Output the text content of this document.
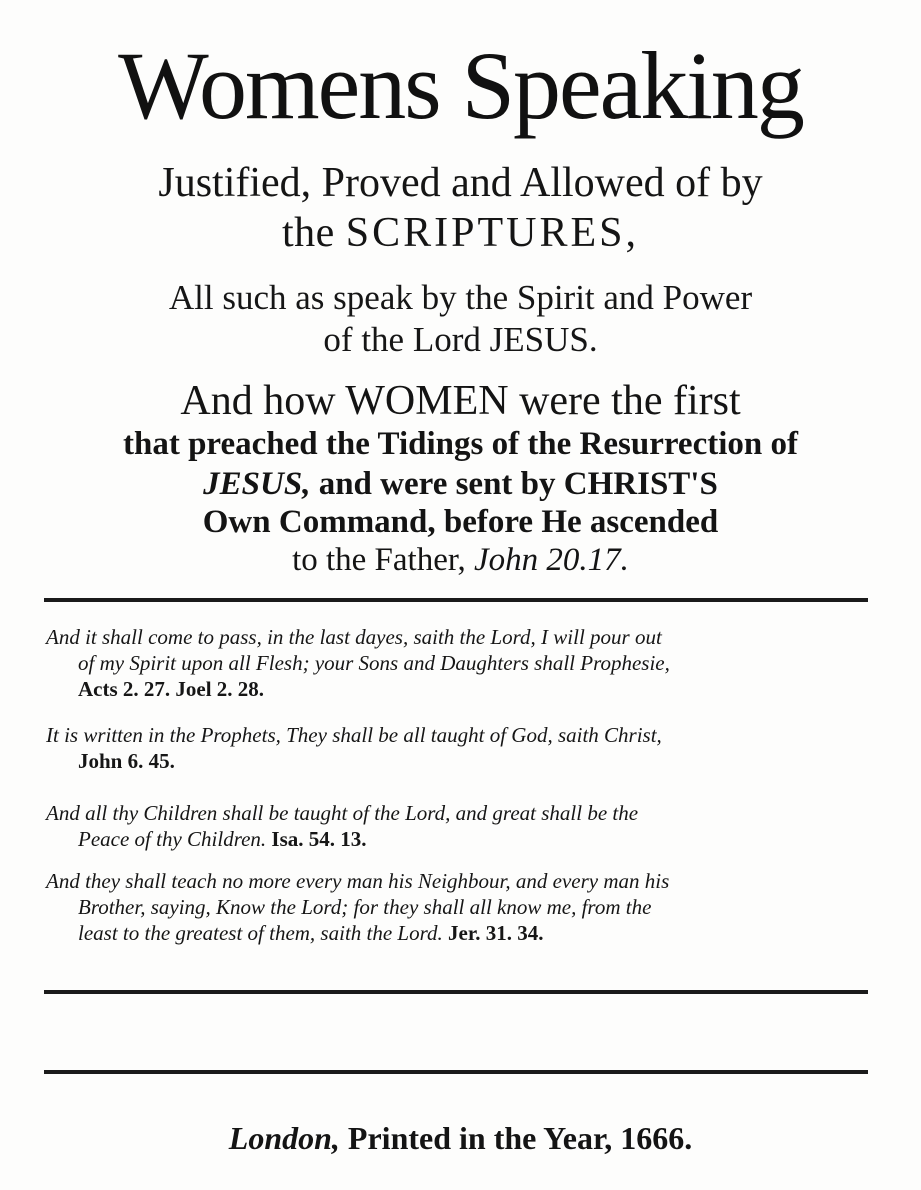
Womens Speaking
Justified, Proved and Allowed of by
the SCRIPTURES,
All such as speak by the Spirit and Power
of the Lord JESUS.
And how WOMEN were the first
that preached the Tidings of the Resurrection of
JESUS, and were sent by CHRIST'S
Own Command, before He ascended
to the Father, John 20.17.
And it shall come to pass, in the last dayes, saith the Lord, I will pour out
of my Spirit upon all Flesh; your Sons and Daughters shall Prophesie,
Acts 2. 27. Joel 2. 28.
It is written in the Prophets, They shall be all taught of God, saith Christ,
John 6. 45.
And all thy Children shall be taught of the Lord, and great shall be the
Peace of thy Children. Isa. 54. 13.
And they shall teach no more every man his Neighbour, and every man his
Brother, saying, Know the Lord; for they shall all know me, from the
least to the greatest of them, saith the Lord. Jer. 31. 34.
London, Printed in the Year, 1666.
